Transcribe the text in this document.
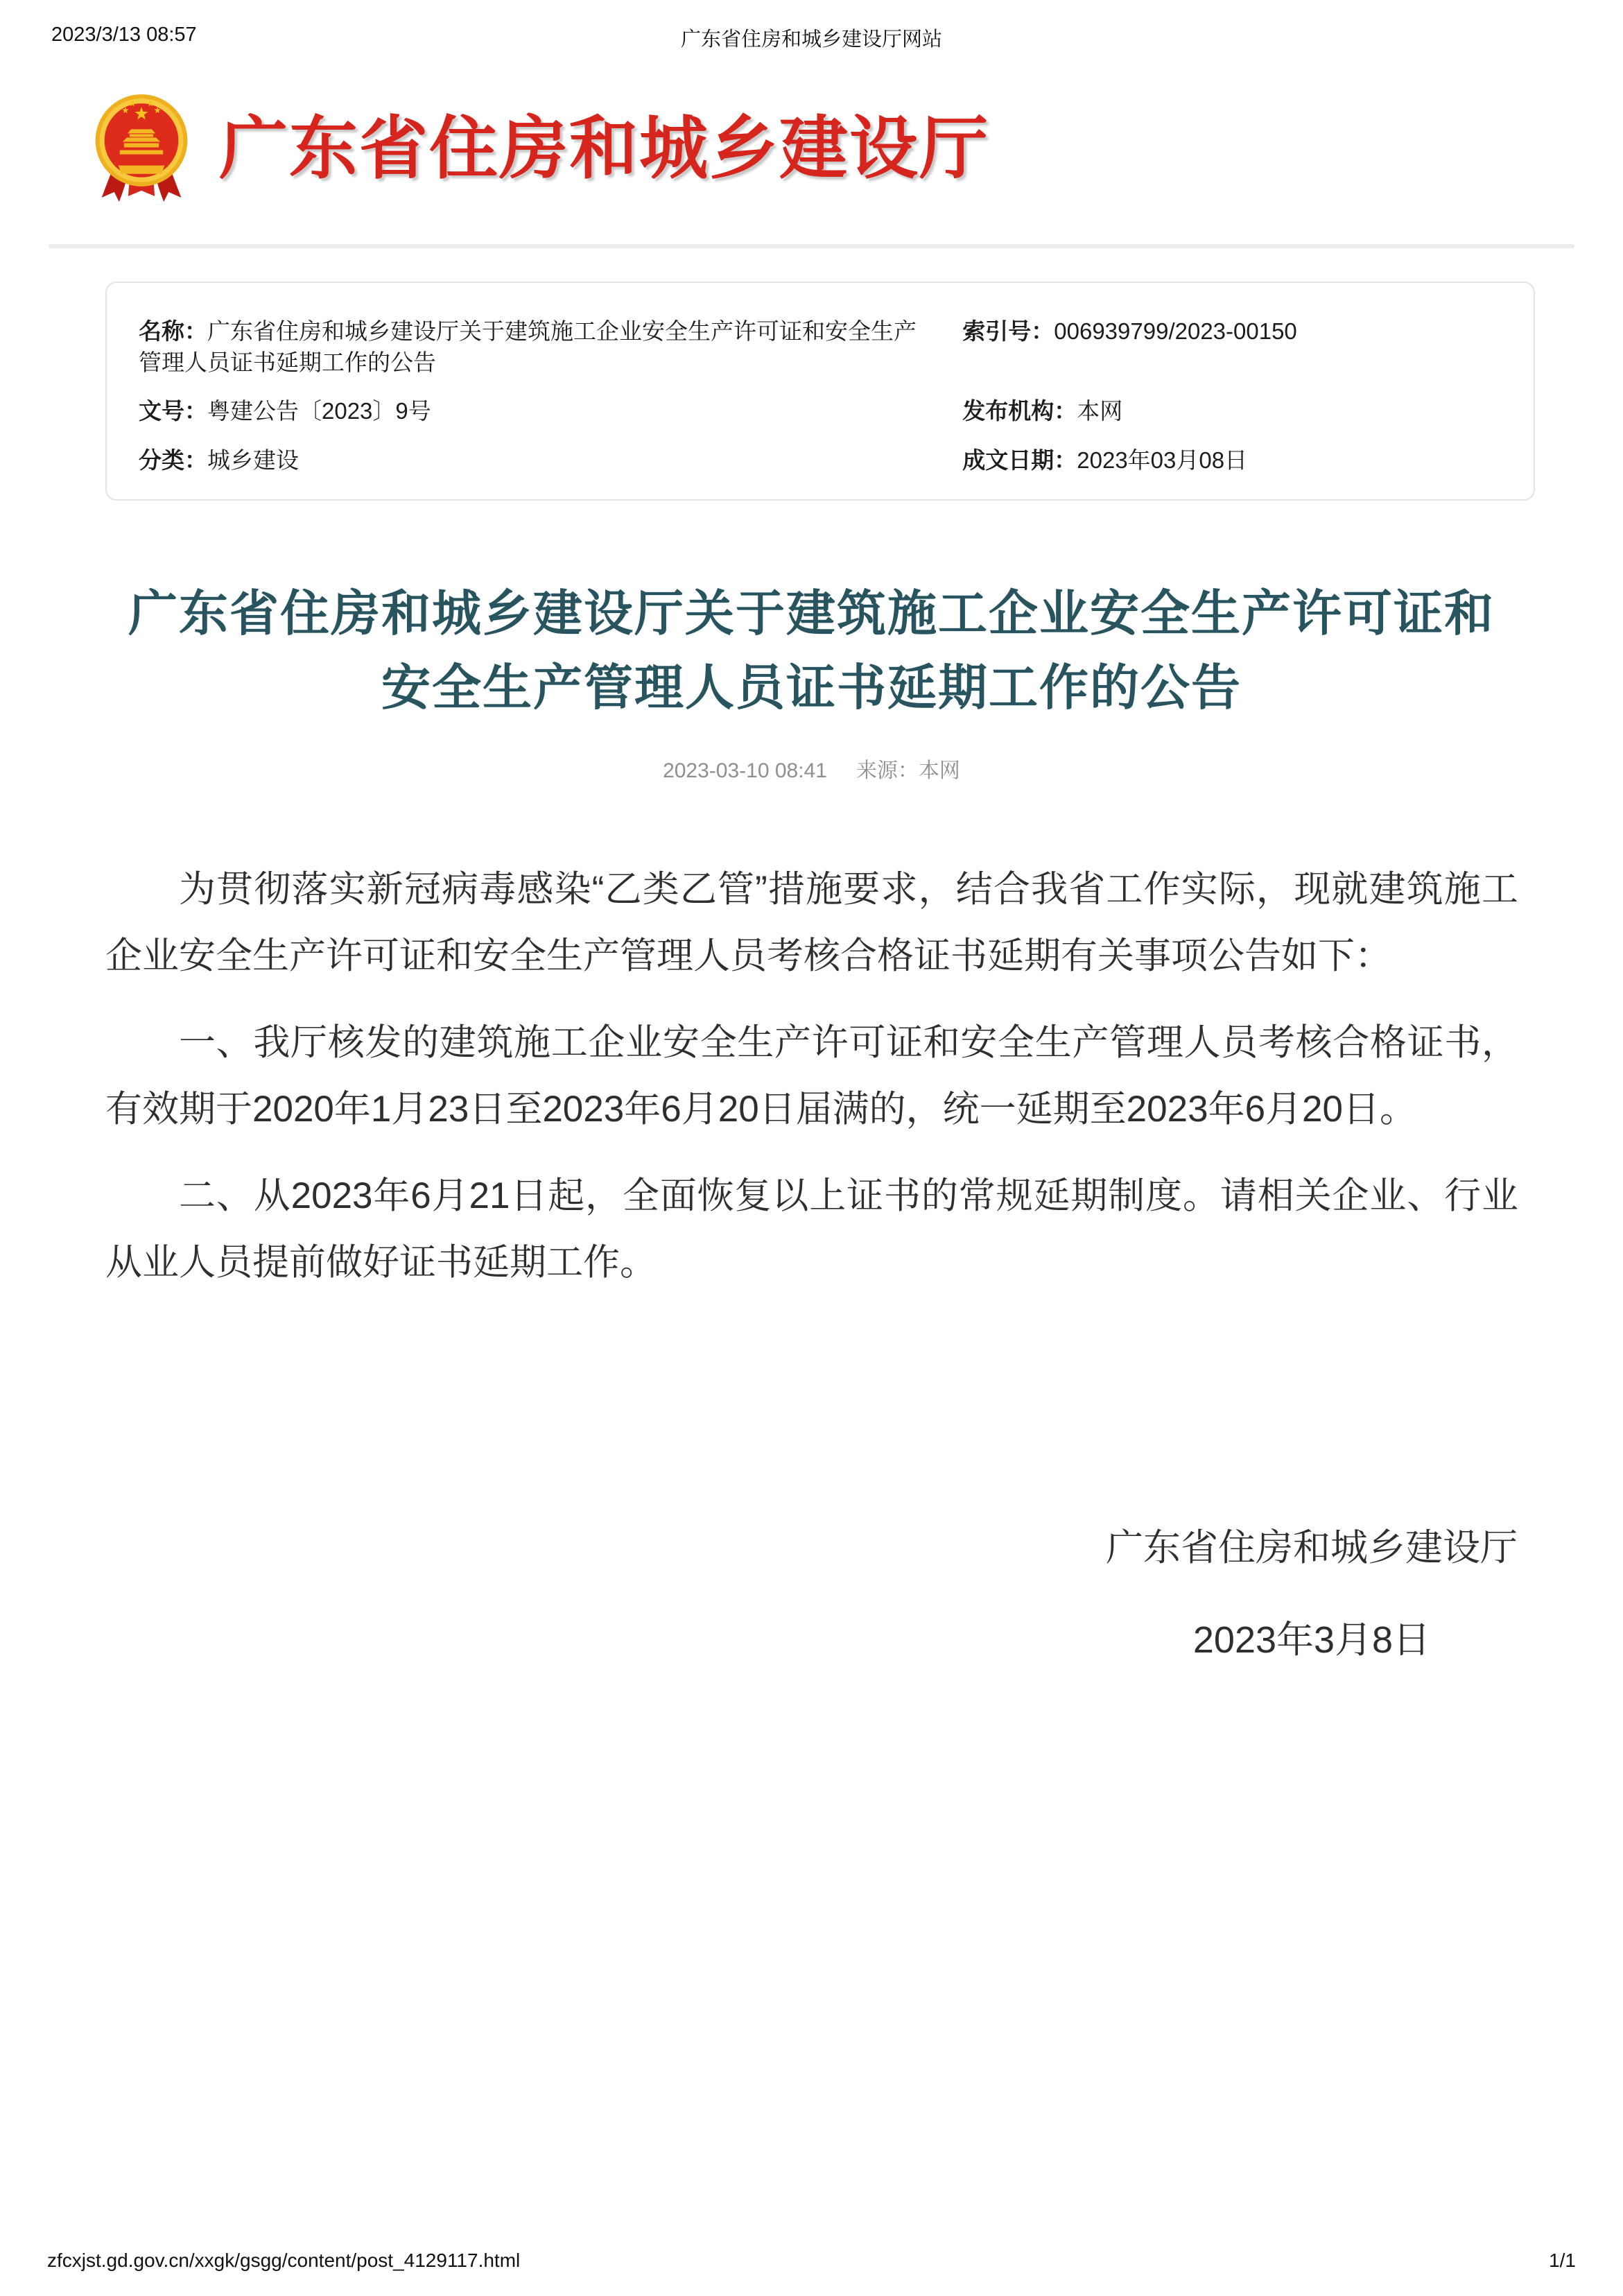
2023/3/13 08:57	广东省住房和城乡建设厅网站
广东省住房和城乡建设厅
名称：广东省住房和城乡建设厅关于建筑施工企业安全生产许可证和安全生产管理人员证书延期工作的公告
索引号：006939799/2023-00150
文号：粤建公告〔2023〕9号	发布机构：本网
分类：城乡建设	成文日期：2023年03月08日
广东省住房和城乡建设厅关于建筑施工企业安全生产许可证和
安全生产管理人员证书延期工作的公告
2023-03-10 08:41 来源：本网

为贯彻落实新冠病毒感染“乙类乙管”措施要求，结合我省工作实际，现就建筑施工企业安全生产许可证和安全生产管理人员考核合格证书延期有关事项公告如下：

一、我厅核发的建筑施工企业安全生产许可证和安全生产管理人员考核合格证书，有效期于2020年1月23日至2023年6月20日届满的，统一延期至2023年6月20日。

二、从2023年6月21日起，全面恢复以上证书的常规延期制度。请相关企业、行业从业人员提前做好证书延期工作。

广东省住房和城乡建设厅
2023年3月8日
zfcxjst.gd.gov.cn/xxgk/gsgg/content/post_4129117.html	1/1
